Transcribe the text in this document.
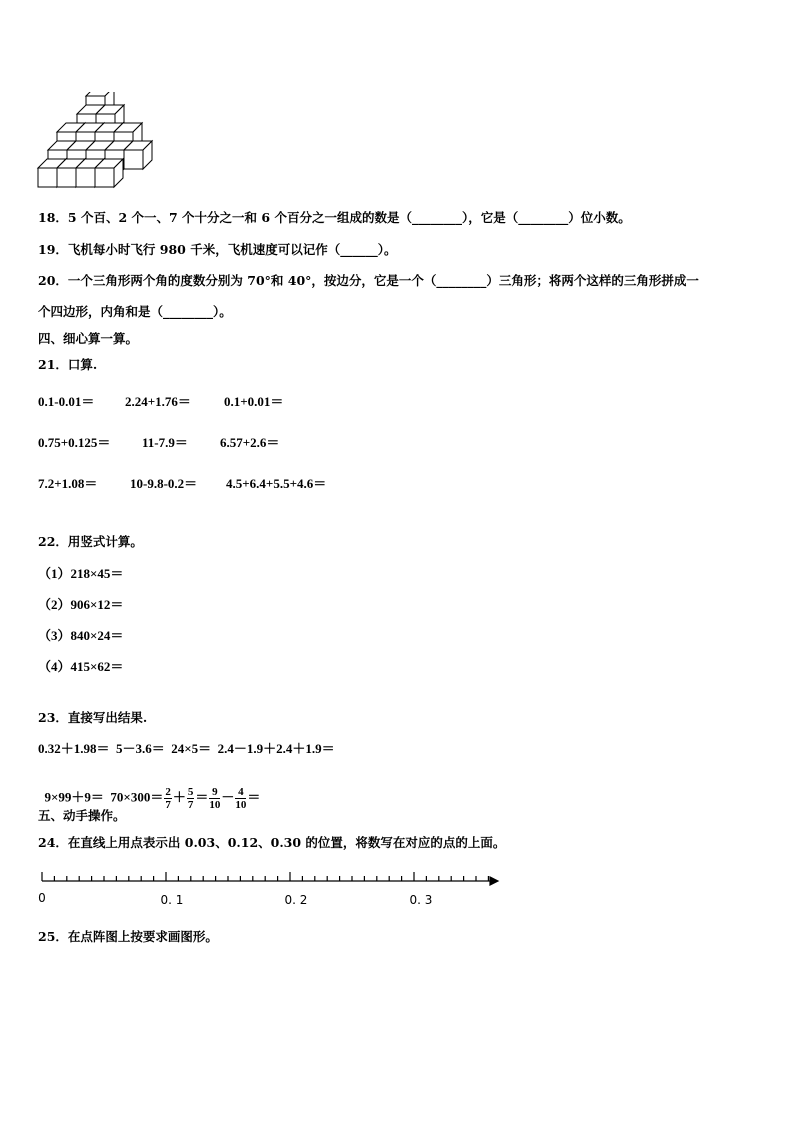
18．5 个百、2 个一、7 个十分之一和 6 个百分之一组成的数是（________），它是（________）位小数。
19．飞机每小时飞行 980 千米，飞机速度可以记作（______）。
20．一个三角形两个角的度数分别为 70°和 40°，按边分，它是一个（________）三角形；将两个这样的三角形拼成一
个四边形，内角和是（________）。
四、细心算一算。
21．口算.
0.1-0.01＝ 2.24+1.76＝	0.1+0.01＝
0.75+0.125＝ 11-7.9＝ 6.57+2.6＝
7.2+1.08＝	10-9.8-0.2＝ 4.5+6.4+5.5+4.6＝
22．用竖式计算。
（1）218×45＝
（2）906×12＝
（3）840×24＝
（4）415×62＝
23．直接写出结果.
0.32＋1.98＝  5－3.6＝  24×5＝  2.4－1.9＋2.4＋1.9＝

$9\times 99+9= 70\times 300= \frac{2}{7} + \frac{5}{7} = \frac{9}{10} - \frac{4}{10}$ ＝

五、动手操作。
24．在直线上用点表示出 0.03、0.12、0.30 的位置，将数写在对应的点的上面。
0	0. 1	0. 2	0. 3
25．在点阵图上按要求画图形。
